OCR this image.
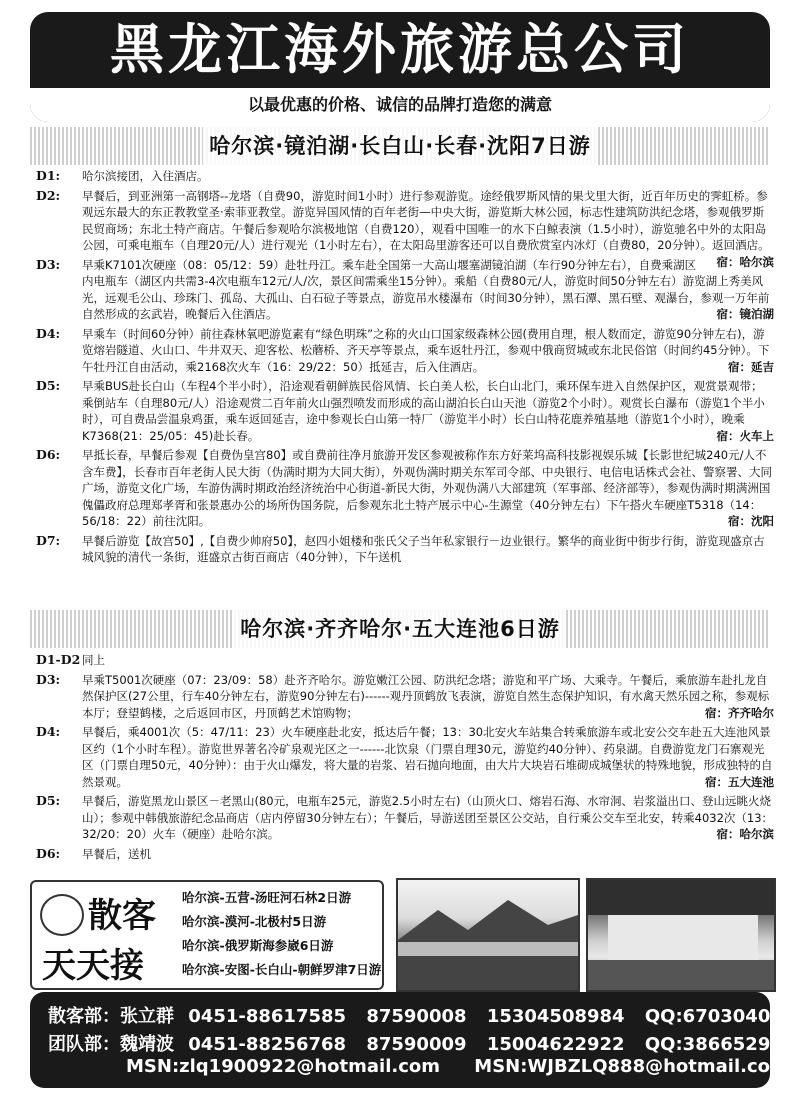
黑龙江海外旅游总公司
以最优惠的价格、诚信的品牌打造您的满意
哈尔滨·镜泊湖·长白山·长春·沈阳7日游
D1: 哈尔滨接团，入住酒店。
D2: 早餐后，到亚洲第一高钢塔--龙塔（自费90，游览时间1小时）进行参观游览。途经俄罗斯风情的果戈里大街，近百年历史的霁虹桥。参观远东最大的东正教教堂圣·索菲亚教堂。游览异国风情的百年老街—中央大街，游览斯大林公园，标志性建筑防洪纪念塔，参观俄罗斯民贸商场；东北土特产商店。午餐后参观哈尔滨极地馆（自费120），观看中国唯一的水下白鲸表演（1.5小时），游览驰名中外的太阳岛公园，可乘电瓶车（自理20元/人）进行观光（1小时左右），在太阳岛里游客还可以自费欣赏室内冰灯（自费80，20分钟）。返回酒店。
宿：哈尔滨
D3: 早乘K7101次硬座（08：05/12：59）赴牡丹江。乘车赴全国第一大高山堰塞湖镜泊湖（车行90分钟左右），自费乘湖区内电瓶车（湖区内共需3-4次电瓶车12元/人/次，景区间需乘坐15分钟）。乘船（自费80元/人，游览时间50分钟左右）游览湖上秀美风光，远观毛公山、珍珠门、孤岛、大孤山、白石砬子等景点，游览吊水楼瀑布（时间30分钟），黑石潭、黑石壁、观瀑台，参观一万年前自然形成的玄武岩，晚餐后入住酒店。	宿：镜泊湖
D4: 早乘车（时间60分钟）前往森林氧吧游览素有“绿色明珠”之称的火山口国家级森林公园(费用自理，根人数而定，游览90分钟左右)，游览熔岩隧道、火山口、牛井双天、迎客松、松蘑桥、齐天亭等景点，乘车返牡丹江，参观中俄商贸城或东北民俗馆（时间约45分钟）。下午牡丹江自由活动，乘2168次火车（16：29/22：50）抵延吉，后入住酒店。	宿：延吉
D5: 早乘BUS赴长白山（车程4个半小时），沿途观看朝鲜族民俗风情、长白美人松，长白山北门，乘环保车进入自然保护区，观赏景观带；乘倒站车（自理80元/人）沿途观赏二百年前火山强烈喷发而形成的高山湖泊长白山天池（游览2个小时）。观赏长白瀑布（游览1个半小时），可自费品尝温泉鸡蛋，乘车返回延吉，途中参观长白山第一特厂（游览半小时）长白山特花鹿养殖基地（游览1个小时），晚乘K7368(21：25/05：45)赴长春。	宿：火车上
D6: 早抵长春，早餐后参观【自费伪皇宫80】或自费前往净月旅游开发区参观被称作东方好莱坞高科技影视娱乐城【长影世纪城240元/人不含车费】，长春市百年老街人民大街（伪满时期为大同大街），外观伪满时期关东军司令部、中央银行、电信电话株式会社、警察署、大同广场，游览文化广场，车游伪满时期政治经济统治中心街道-新民大街，外观伪满八大部建筑（军事部、经济部等），参观伪满时期满洲国傀儡政府总理郑孝胥和张景惠办公的场所伪国务院，后参观东北土特产展示中心-生源堂（40分钟左右）下午搭火车硬座T5318（14：56/18：22）前往沈阳。	宿：沈阳
D7: 早餐后游览【故宫50】,【自费少帅府50】，赵四小姐楼和张氏父子当年私家银行－边业银行。繁华的商业街中街步行街，游览现盛京古城风貌的清代一条街，逛盛京古街百商店（40分钟），下午送机
哈尔滨·齐齐哈尔·五大连池6日游
D1-D2 同上
D3: 早乘T5001次硬座（07：23/09：58）赴齐齐哈尔。游览嫩江公园、防洪纪念塔；游览和平广场、大乘寺。午餐后，乘旅游车赴扎龙自然保护区(27公里，行车40分钟左右，游览90分钟左右)------观丹顶鹤放飞表演，游览自然生态保护知识，有水禽天然乐园之称，参观标本厅；登望鹤楼，之后返回市区，丹顶鹤艺术馆购物；	宿：齐齐哈尔
D4: 早餐后，乘4001次（5：47/11：23）火车硬座赴北安，抵达后午餐；13：30北安火车站集合转乘旅游车或北安公交车赴五大连池风景区约（1个小时车程）。游览世界著名冷矿泉观光区之一------北饮泉（门票自理30元，游览约40分钟）、药泉湖。自费游览龙门石寨观光区（门票自理50元，40分钟）：由于火山爆发，将大量的岩浆、岩石抛向地面，由大片大块岩石堆砌成城堡状的特殊地貌，形成独特的自然景观。	宿：五大连池
D5: 早餐后，游览黑龙山景区－老黑山(80元，电瓶车25元，游览2.5小时左右)（山顶火口、熔岩石海、水帘洞、岩浆溢出口、登山远眺火烧山）；参观中韩俄旅游纪念品商店（店内停留30分钟左右）；午餐后，导游送团至景区公交站，自行乘公交车至北安，转乘4032次（13：32/20：20）火车（硬座）赴哈尔滨。	宿：哈尔滨
D6: 早餐后，送机
散客
天天接
哈尔滨-五营-汤旺河石林2日游
哈尔滨-漠河-北极村5日游
哈尔滨-俄罗斯海参崴6日游
哈尔滨-安图-长白山-朝鲜罗津7日游
散客部：张立群 0451-88617585 87590008 15304508984 QQ:670304024
团队部：魏靖波 0451-88256768 87590009 15004622922 QQ:386652904
MSN:zlq1900922@hotmail.com MSN:WJBZLQ888@hotmail.com
